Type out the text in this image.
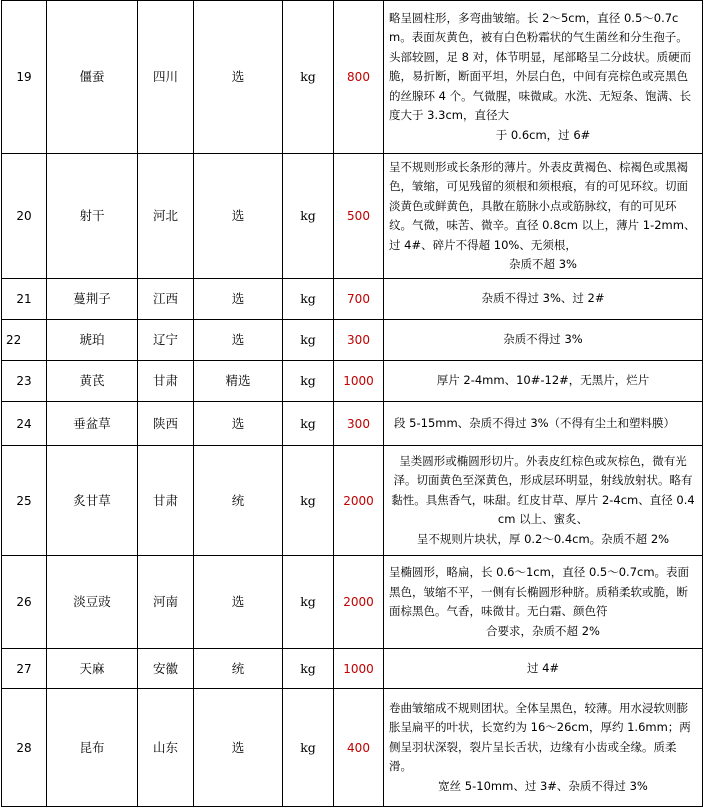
19	僵蚕	四川	选	kg	800	略呈圆柱形，多弯曲皱缩。长 2～5cm，直径 0.5～0.7cm。表面灰黄色，被有白色粉霜状的气生菌丝和分生孢子。头部较圆，足 8 对，体节明显，尾部略呈二分歧状。质硬而脆，易折断，断面平坦，外层白色，中间有亮棕色或亮黑色的丝腺环 4 个。气微腥，味微咸。水洗、无短条、饱满、长度大于 3.3cm，直径大
于 0.6cm，过 6#

20	射干	河北	选	kg	500	呈不规则形或长条形的薄片。外表皮黄褐色、棕褐色或黑褐色，皱缩，可见残留的须根和须根痕，有的可见环纹。切面淡黄色或鲜黄色，具散在筋脉小点或筋脉纹，有的可见环纹。气微，味苦、微辛。直径 0.8cm 以上，薄片 1-2mm、过 4#、碎片不得超 10%、无须根，
杂质不超 3%

21	蔓荆子	江西	选	kg	700	杂质不得过 3%、过 2#
22	琥珀	辽宁	选	kg	300	杂质不得过 3%
23	黄芪	甘肃	精选	kg	1000	厚片 2-4mm、10#-12#，无黑片，烂片
24	垂盆草	陕西	选	kg	300	段 5-15mm、杂质不得过 3%（不得有尘土和塑料膜）
25	炙甘草	甘肃	统	kg	2000	呈类圆形或椭圆形切片。外表皮红棕色或灰棕色，微有光泽。切面黄色至深黄色，形成层环明显，射线放射状。略有黏性。具焦香气，味甜。红皮甘草、厚片 2-4cm、直径 0.4cm 以上、蜜炙、
呈不规则片块状，厚 0.2～0.4cm。杂质不超 2%

26	淡豆豉	河南	选	kg	2000	呈椭圆形，略扁，长 0.6～1cm，直径 0.5～0.7cm。表面黑色，皱缩不平，一侧有长椭圆形种脐。质稍柔软或脆，断面棕黑色。气香，味微甘。无白霜、颜色符
合要求，杂质不超 2%

27	天麻	安徽	统	kg	1000	过 4#
28	昆布	山东	选	kg	400	卷曲皱缩成不规则团状。全体呈黑色，较薄。用水浸软则膨胀呈扁平的叶状，长宽约为 16～26cm，厚约 1.6mm；两侧呈羽状深裂，裂片呈长舌状，边缘有小齿或全缘。质柔滑。
宽丝 5-10mm、过 3#、杂质不得过 3%
